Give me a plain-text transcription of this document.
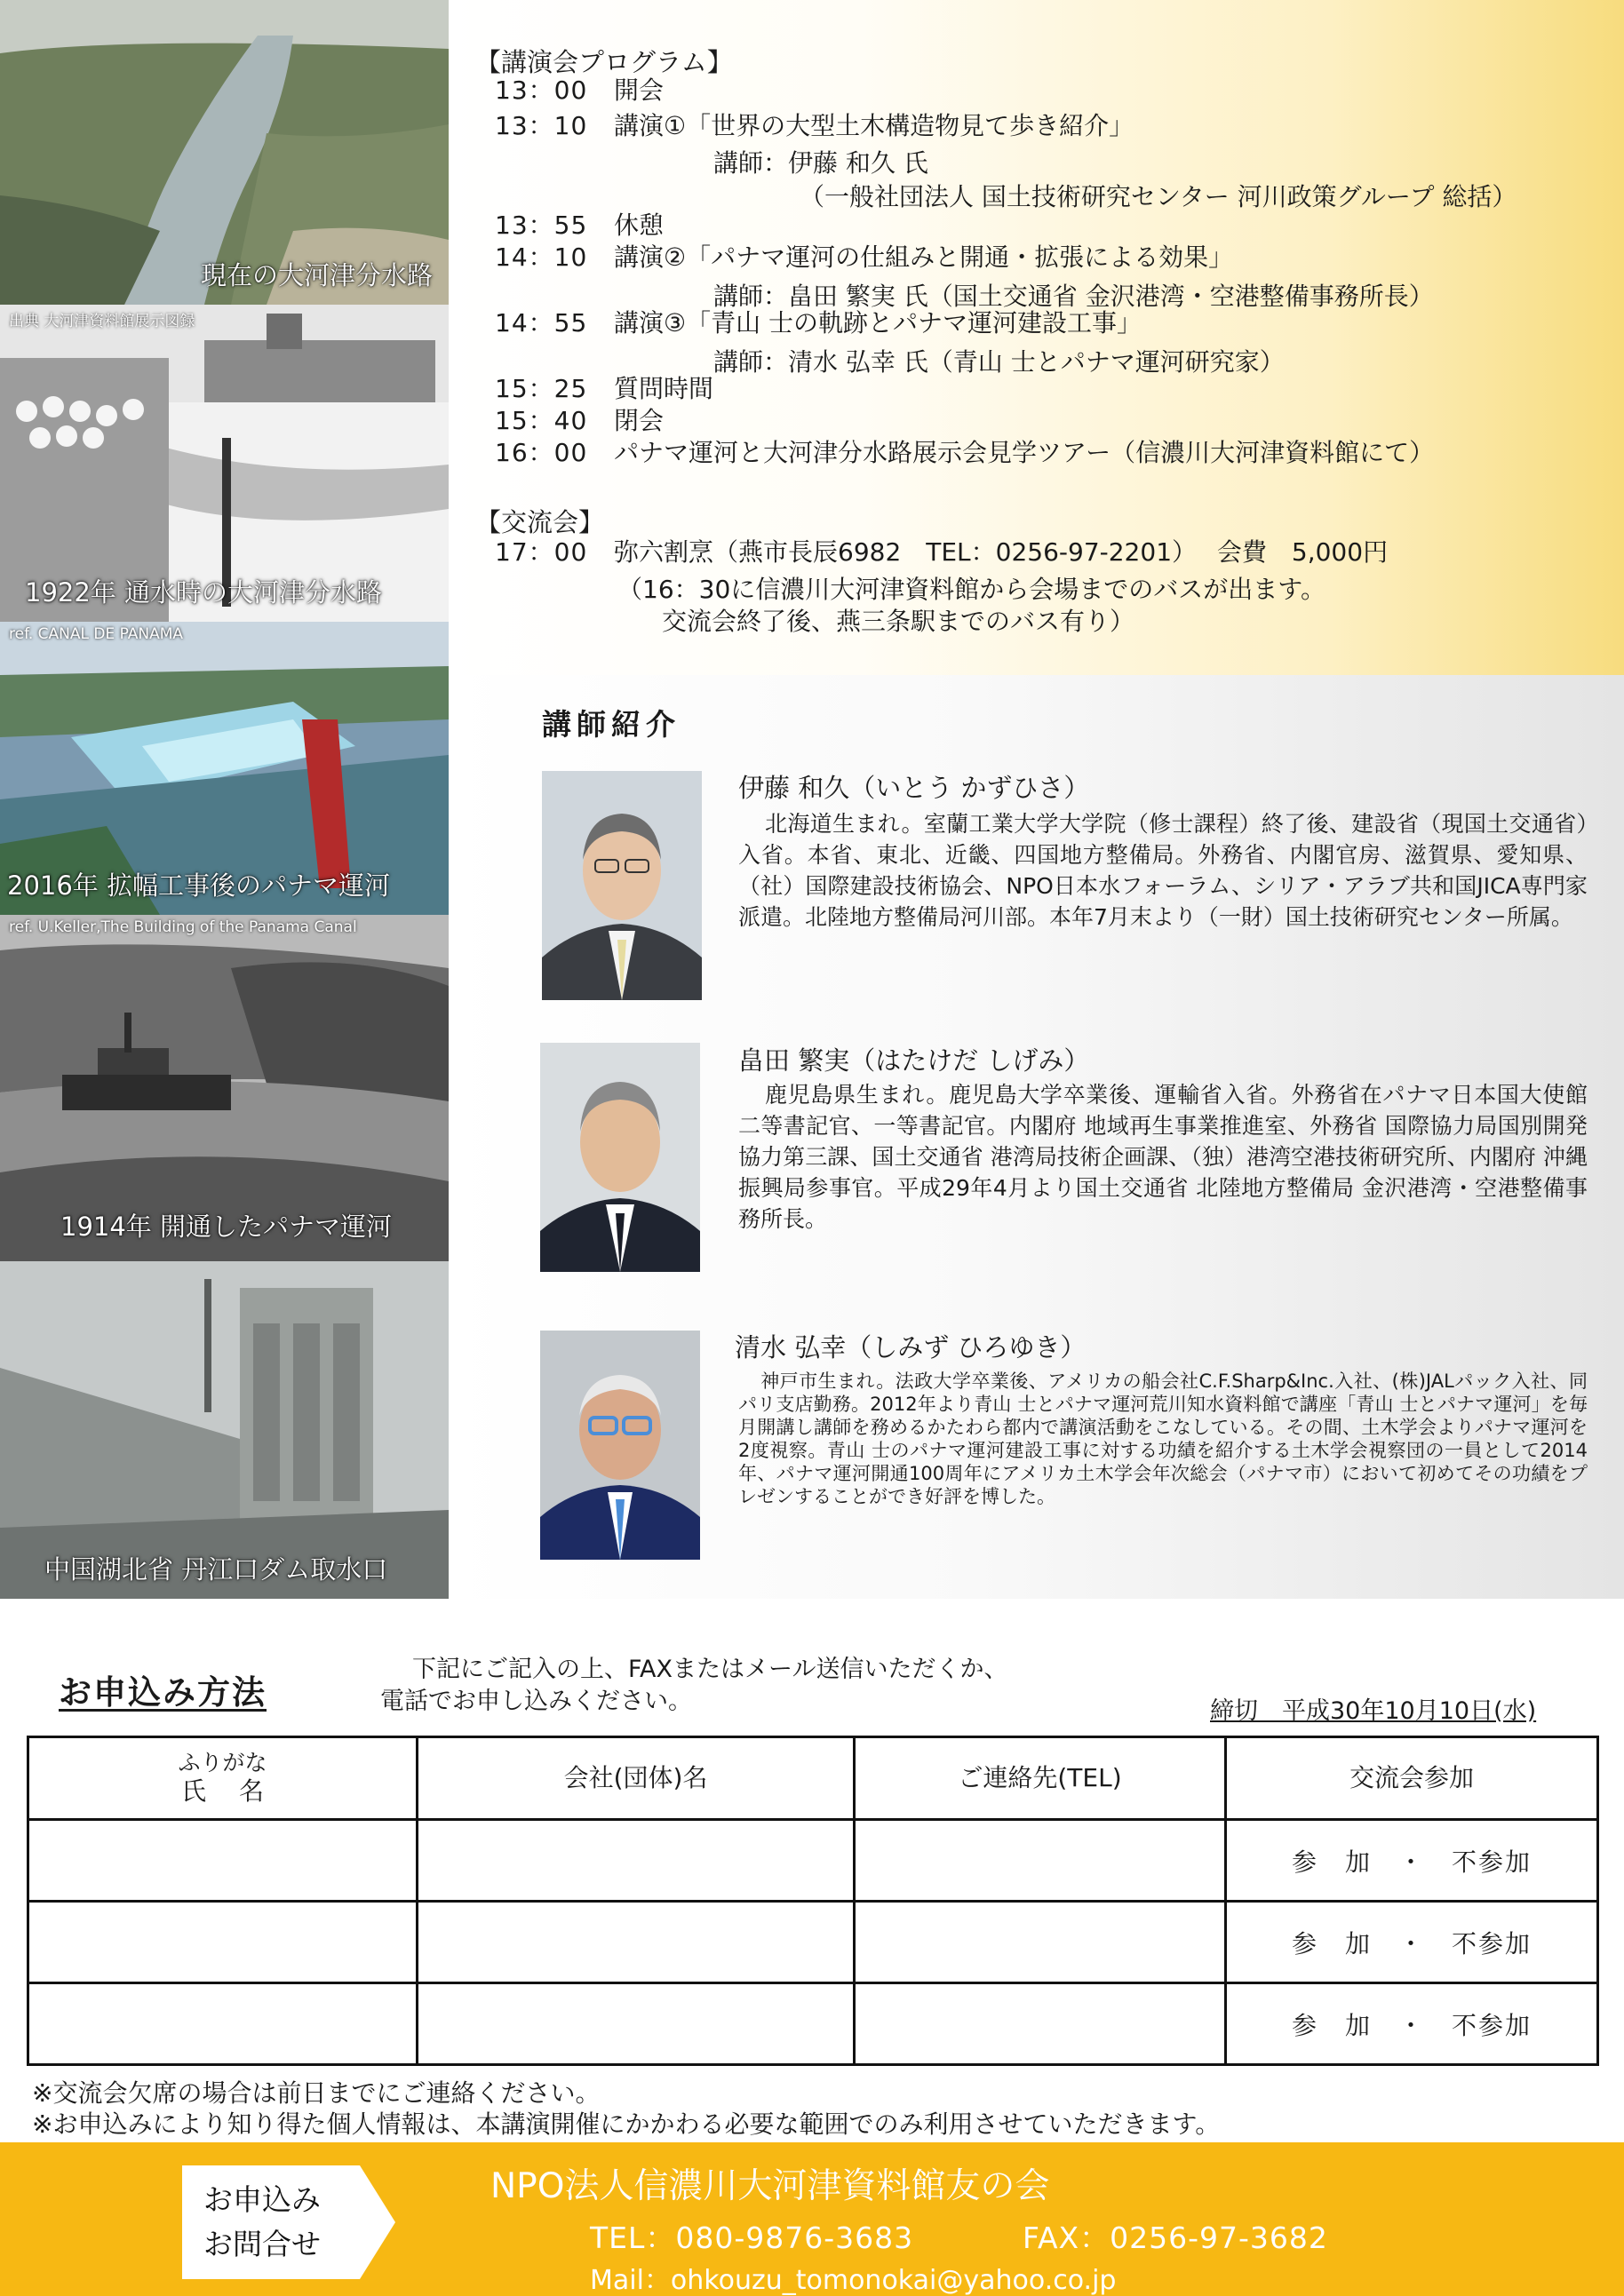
現在の大河津分水路
出典 大河津資料館展示図録
1922年 通水時の大河津分水路
ref. CANAL DE PANAMA
2016年 拡幅工事後のパナマ運河
ref. U.Keller,The Building of the Panama Canal
1914年 開通したパナマ運河
中国湖北省 丹江口ダム取水口
【講演会プログラム】
13：00	開会
13：10	講演①「世界の大型土木構造物見て歩き紹介」
講師：伊藤 和久 氏
（一般社団法人 国土技術研究センター 河川政策グループ 総括）
13：55	休憩
14：10	講演②「パナマ運河の仕組みと開通・拡張による効果」
講師：畠田 繁実 氏（国土交通省 金沢港湾・空港整備事務所長）
14：55	講演③「青山 士の軌跡とパナマ運河建設工事」
講師：清水 弘幸 氏（青山 士とパナマ運河研究家）
15：25	質問時間
15：40	閉会
16：00	パナマ運河と大河津分水路展示会見学ツアー（信濃川大河津資料館にて）
【交流会】
17：00	弥六割烹（燕市長辰6982　TEL：0256-97-2201）　 会費　5,000円
（16：30に信濃川大河津資料館から会場までのバスが出ます。
交流会終了後、燕三条駅までのバス有り）
講師紹介
伊藤 和久（いとう かずひさ）
北海道生まれ。室蘭工業大学大学院（修士課程）終了後、建設省（現国土交通省）入省。本省、東北、近畿、四国地方整備局。外務省、内閣官房、滋賀県、愛知県、（社）国際建設技術協会、NPO日本水フォーラム、シリア・アラブ共和国JICA専門家派遣。北陸地方整備局河川部。本年7月末より（一財）国土技術研究センター所属。
畠田 繁実（はたけだ しげみ）
鹿児島県生まれ。鹿児島大学卒業後、運輸省入省。外務省在パナマ日本国大使館 二等書記官、一等書記官。内閣府 地域再生事業推進室、外務省 国際協力局国別開発協力第三課、国土交通省 港湾局技術企画課、（独）港湾空港技術研究所、内閣府 沖縄振興局参事官。平成29年4月より国土交通省 北陸地方整備局 金沢港湾・空港整備事務所長。
清水 弘幸（しみず ひろゆき）
神戸市生まれ。法政大学卒業後、アメリカの船会社C.F.Sharp&Inc.入社、(株)JALパック入社、同パリ支店勤務。2012年より青山 士とパナマ運河荒川知水資料館で講座「青山 士とパナマ運河」を毎月開講し講師を務めるかたわら都内で講演活動をこなしている。その間、土木学会よりパナマ運河を2度視察。青山 士のパナマ運河建設工事に対する功績を紹介する土木学会視察団の一員として2014年、パナマ運河開通100周年にアメリカ土木学会年次総会（パナマ市）において初めてその功績をプレゼンすることができ好評を博した。
お申込み方法
下記にご記入の上、FAXまたはメール送信いただくか、
電話でお申し込みください。	締切　平成30年10月10日(水)
ふりがな
氏　 名	会社(団体)名	ご連絡先(TEL)	交流会参加
			参　加　・　不参加
			参　加　・　不参加
			参　加　・　不参加
※交流会欠席の場合は前日までにご連絡ください。
※お申込みにより知り得た個人情報は、本講演開催にかかわる必要な範囲でのみ利用させていただきます。
お申込み
お問合せ
NPO法人信濃川大河津資料館友の会
TEL：080-9876-3683	FAX：0256-97-3682
Mail：ohkouzu_tomonokai@yahoo.co.jp
